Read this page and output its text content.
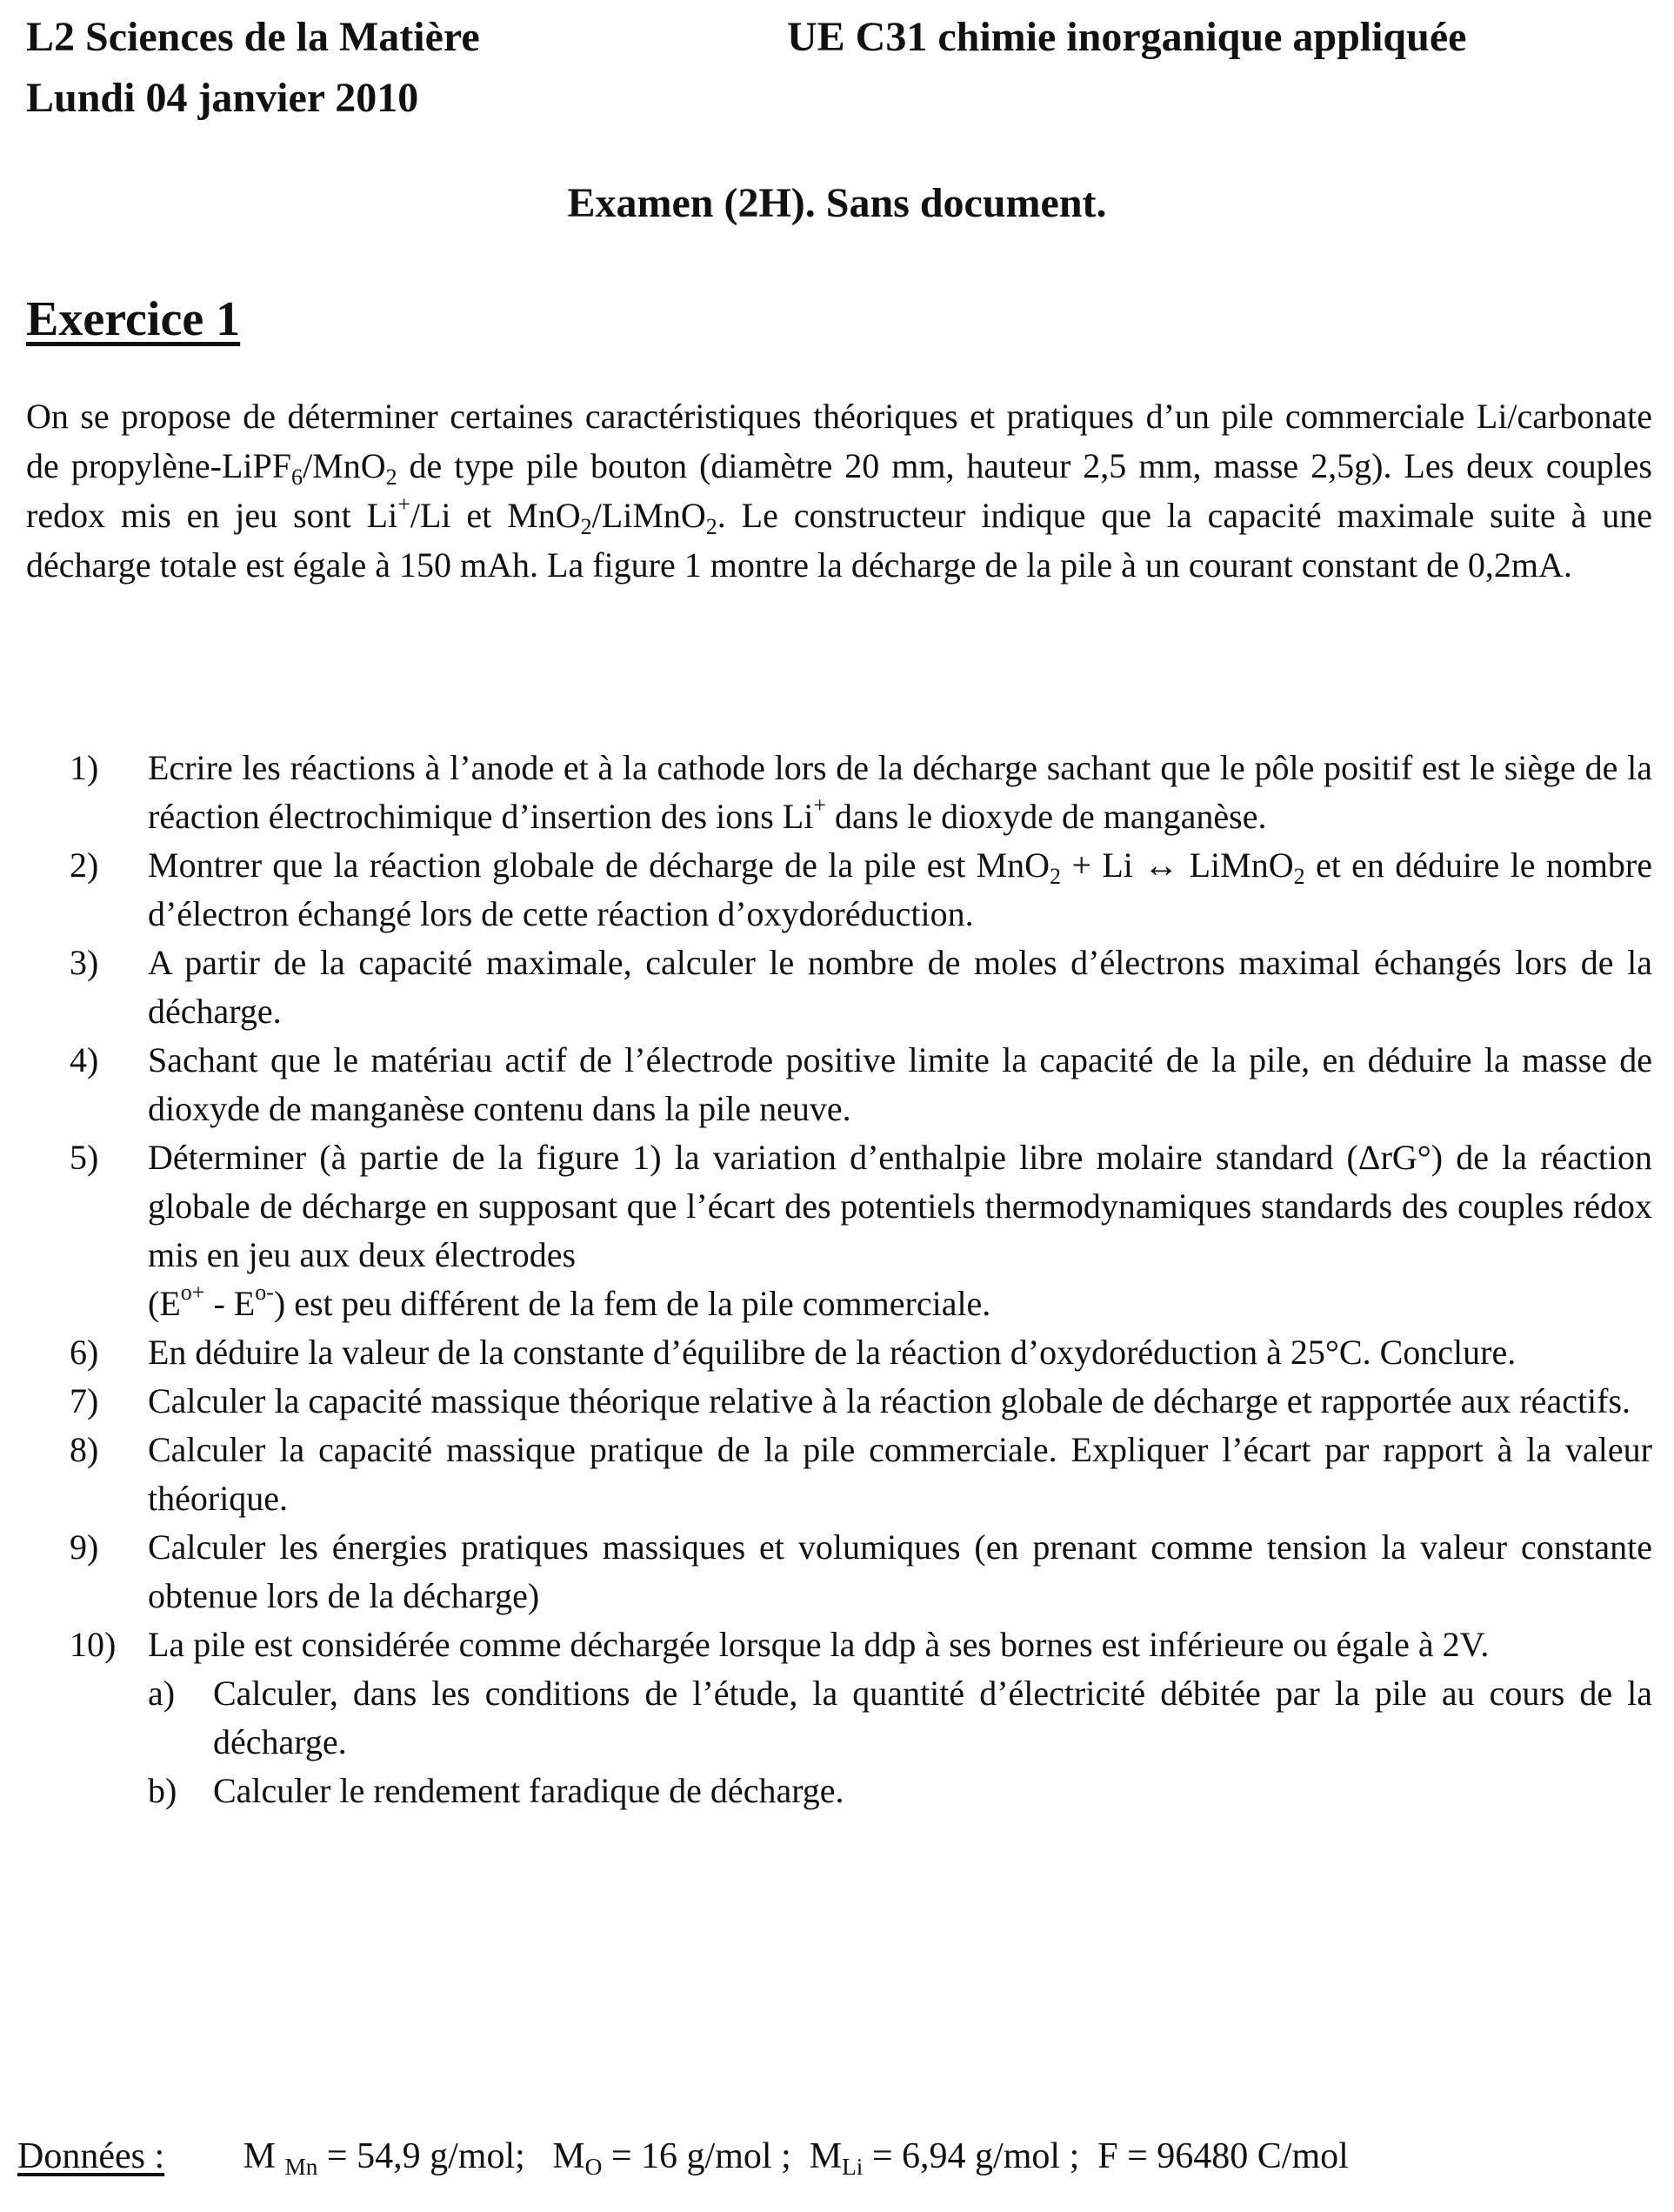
L2 Sciences de la Matière
Lundi 04 janvier 2010
UE C31 chimie inorganique appliquée
Examen (2H). Sans document.
Exercice 1
On se propose de déterminer certaines caractéristiques théoriques et pratiques d’un pile commerciale Li/carbonate de propylène-LiPF$_6$/MnO$_2$ de type pile bouton (diamètre 20 mm, hauteur 2,5 mm, masse 2,5g). Les deux couples redox mis en jeu sont Li+/Li et MnO$_2$/LiMnO$_2$. Le constructeur indique que la capacité maximale suite à une décharge totale est égale à 150 mAh. La figure 1 montre la décharge de la pile à un courant constant de 0,2mA.
1)	Ecrire les réactions à l’anode et à la cathode lors de la décharge sachant que le pôle positif est le siège de la réaction électrochimique d’insertion des ions Li+ dans le dioxyde de manganèse.
2)	Montrer que la réaction globale de décharge de la pile est MnO$_2$ + Li ↔ LiMnO$_2$ et en déduire le nombre d’électron échangé lors de cette réaction d’oxydoréduction.
3)	A partir de la capacité maximale, calculer le nombre de moles d’électrons maximal échangés lors de la décharge.
4)	Sachant que le matériau actif de l’électrode positive limite la capacité de la pile, en déduire la masse de dioxyde de manganèse contenu dans la pile neuve.
5)	Déterminer (à partie de la figure 1) la variation d’enthalpie libre molaire standard (ΔrG°) de la réaction globale de décharge en supposant que l’écart des potentiels thermodynamiques standards des couples rédox mis en jeu aux deux électrodes
$(E^{o+} - E^{o-})$ est peu différent de la fem de la pile commerciale.
6)	En déduire la valeur de la constante d’équilibre de la réaction d’oxydoréduction à 25°C. Conclure.
7)	Calculer la capacité massique théorique relative à la réaction globale de décharge et rapportée aux réactifs.
8)	Calculer la capacité massique pratique de la pile commerciale. Expliquer l’écart par rapport à la valeur théorique.
9)	Calculer les énergies pratiques massiques et volumiques (en prenant comme tension la valeur constante obtenue lors de la décharge)
10) La pile est considérée comme déchargée lorsque la ddp à ses bornes est inférieure ou égale à 2V.
a)	Calculer, dans les conditions de l’étude, la quantité d’électricité débitée par la pile au cours de la décharge.
b)	Calculer le rendement faradique de décharge.
Données : M $_{Mn}$ = 54,9 g/mol; $M_O = 16$ g/mol ; $M_{Li} = 6,94$ g/mol ; F = 96480 C/mol
